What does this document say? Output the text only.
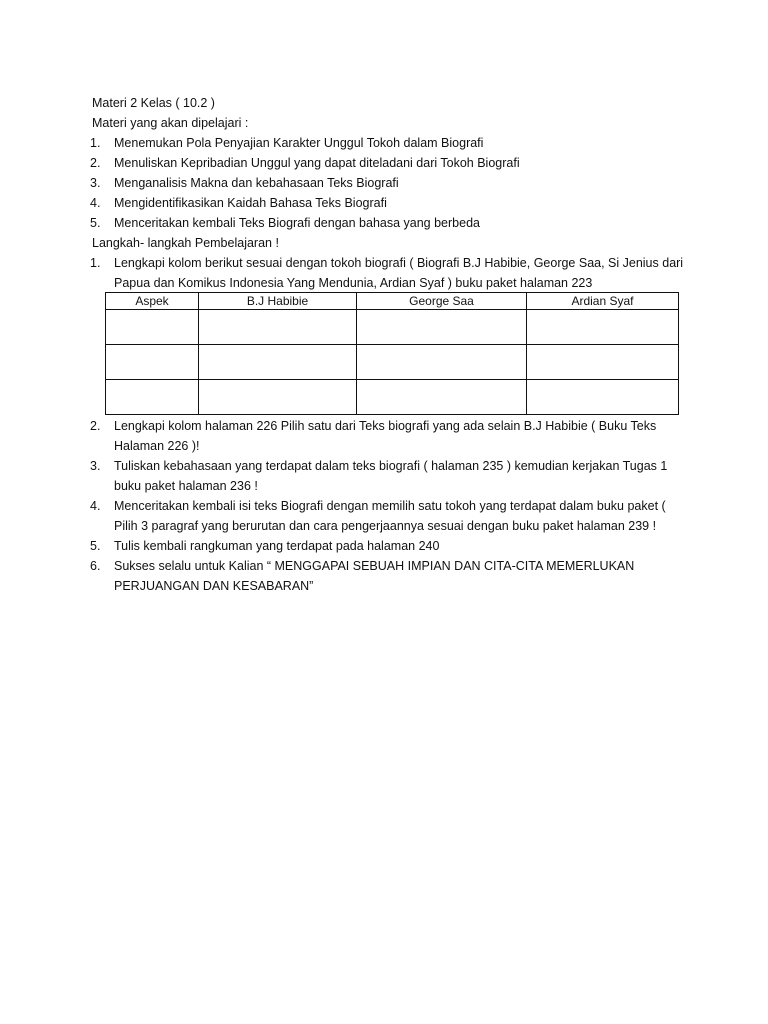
Materi 2 Kelas ( 10.2 )
Materi yang akan dipelajari :
1. Menemukan Pola Penyajian Karakter Unggul Tokoh dalam Biografi
2. Menuliskan Kepribadian Unggul yang dapat diteladani dari Tokoh Biografi
3. Menganalisis Makna dan kebahasaan Teks Biografi
4. Mengidentifikasikan Kaidah Bahasa Teks Biografi
5. Menceritakan kembali Teks Biografi dengan bahasa yang berbeda
Langkah- langkah Pembelajaran !
1. Lengkapi kolom berikut sesuai dengan tokoh biografi ( Biografi B.J Habibie, George Saa, Si Jenius dari Papua dan Komikus Indonesia Yang Mendunia, Ardian Syaf ) buku paket halaman 223
Aspek	B.J Habibie	George Saa	Ardian Syaf

2. Lengkapi kolom halaman 226 Pilih satu dari Teks biografi yang ada selain B.J Habibie ( Buku Teks Halaman 226 )!
3. Tuliskan kebahasaan yang terdapat dalam teks biografi ( halaman 235 ) kemudian kerjakan Tugas 1 buku paket halaman 236 !
4. Menceritakan kembali isi teks Biografi dengan memilih satu tokoh yang terdapat dalam buku paket ( Pilih 3 paragraf yang berurutan dan cara pengerjaannya sesuai dengan buku paket halaman 239 !
5. Tulis kembali rangkuman yang terdapat pada halaman 240
6. Sukses selalu untuk Kalian “ MENGGAPAI SEBUAH IMPIAN DAN CITA-CITA MEMERLUKAN PERJUANGAN DAN KESABARAN”
